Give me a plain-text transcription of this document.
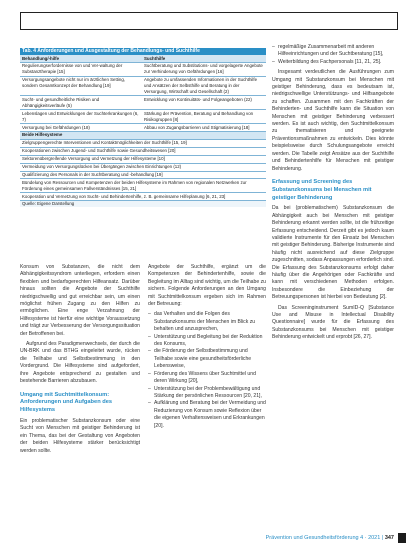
Tab. 4 Anforderungen und Ausgestaltung der Behandlungs- und Suchthilfe
Behandlung/-hilfe	Suchthilfe
Regulierungserfordernisse von und Ver-waltung der Substanztherapie [15]	Suchtberatung und Substitutions- und vorgelagerte Angebote zur Verhinderung von Gefährdungen [16]
Versorgungsangebote nicht nur im ärztlichen Setting, sondern Gesamtkonzept der Behandlung [19]	Angebote zu umfassenden Informationen in der Suchthilfe und Ansätzen der Selbsthilfe und Beratung in der Versorgung, Wirtschaft und Gesellschaft (2)
Sucht- und gesundheitliche Risiken und Abhängigkeitsverläufe (5)	Entwicklung von Kontinuitäts- und Folgeangeboten (22)
Lebenslagen und Entwicklungen der Suchterkrankungen (6, 7)	Stärkung der Prävention, Beratung und Behandlung von Risikogruppen [8]
Versorgung bei Gefährdungen (18)	Abbau von Zugangsbarrieren und Stigmatisierung [18]
Beide Hilfesysteme	
Zielgruppengerechte Interventionen und Kontaktmöglichkeiten der Suchthilfe [15, 19]	
Kooperationen zwischen Jugend- und Suchthilfe sowie Gesundheitswesen [20]	
Sektorenübergreifende Versorgung und Vernetzung der Hilfesysteme [10]	
Vermeidung von Versorgungslücken bei Übergängen zwischen Einrichtungen (12)	
Qualifizierung des Personals in der Suchtberatung und -behandlung [19]	
Bündelung von Ressourcen und Kompetenzen der beiden Hilfesysteme im Rahmen von regionalen Netzwerken zur Förderung eines gemeinsamen Fallverständnisses [15, 21]	
Kooperation und Vernetzung von Sucht- und Behindertenhilfe, z. B. gemeinsame Hilfeplanung [6, 21, 23]	
Quelle: Eigene Darstellung

Konsum von Substanzen, die nicht dem Abhängigkeitssyndrom unterliegen, erfordern einen flexiblen und bedarfsgerechten Hilfeansatz. Darüber hinaus sollten die Angebote der Suchthilfe niedrigschwellig und gut erreichbar sein, um einen möglichst frühen Zugang zu den Hilfen zu ermöglichen. Eine enge Verzahnung der Hilfesysteme ist hierfür eine wichtige Voraussetzung und trägt zur Verbesserung der Versorgungssituation der Betroffenen bei.

Aufgrund des Paradigmenwechsels, der durch die UN-BRK und das BTHG eingeleitet wurde, rücken die Teilhabe und Selbstbestimmung in den Vordergrund. Die Hilfesysteme sind aufgefordert, ihre Angebote entsprechend zu gestalten und bestehende Barrieren abzubauen.

Umgang mit Suchtmittelkonsum: Anforderungen und Aufgaben des Hilfesystems

Ein problematischer Substanzkonsum oder eine Sucht von Menschen mit geistiger Behinderung ist ein Thema, das bei der Gestaltung von Angeboten der beiden Hilfesysteme stärker berücksichtigt werden sollte.

Angebote der Suchthilfe, ergänzt um die Kompetenzen der Behindertenhilfe, sowie die Begleitung im Alltag sind wichtig, um die Teilhabe zu sichern. Folgende Anforderungen an den Umgang mit Suchtmittelkonsum ergeben sich im Rahmen der Betreuung:

– das Verhalten und die Folgen des Substanzkonsums der Menschen im Blick zu behalten und anzusprechen,
– Unterstützung und Begleitung bei der Reduktion des Konsums,
– die Förderung der Selbstbestimmung und Teilhabe sowie eine gesundheitsförderliche Lebensweise,
– Förderung des Wissens über Suchtmittel und deren Wirkung [20],
– Unterstützung bei der Problembewältigung und Stärkung der persönlichen Ressourcen [20, 21],
– Aufklärung und Beratung bei der Vermeidung und Reduzierung von Konsum sowie Reflexion über die eigenen Verhaltensweisen und Erkrankungen [20].
– regelmäßige Zusammenarbeit mit anderen Hilfeeinrichtungen und der Suchtberatung [15],
– Weiterbildung des Fachpersonals [11, 21, 25].

Insgesamt verdeutlichen die Ausführungen zum Umgang mit Substanzkonsum bei Menschen mit geistiger Behinderung, dass es bedeutsam ist, niedrigschwellige Unterstützungs- und Hilfsangebote zu schaffen. Zusammen mit den Fachkräften der Behinderten- und Suchthilfe kann die Situation von Menschen mit geistiger Behinderung verbessert werden. Es ist auch wichtig, den Suchtmittelkonsum zu thematisieren und geeignete Präventionsmaßnahmen zu entwickeln. Dies könnte beispielsweise durch Schulungsangebote erreicht werden. Die Tabelle zeigt Ansätze aus der Suchthilfe und Behindertenhilfe für Menschen mit geistiger Behinderung.

Erfassung und Screening des Substanzkonsums bei Menschen mit geistiger Behinderung

Da bei (problematischem) Substanzkonsum die Abhängigkeit auch bei Menschen mit geistiger Behinderung erkannt werden sollte, ist die frühzeitige Erfassung entscheidend. Derzeit gibt es jedoch kaum validierte Instrumente für den Einsatz bei Menschen mit geistiger Behinderung. Bisherige Instrumente sind häufig nicht ausreichend auf diese Zielgruppe zugeschnitten, sodass Anpassungen erforderlich sind. Die Erfassung des Substanzkonsums erfolgt daher häufig über die Angehörigen oder Fachkräfte und kann mit verschiedenen Methoden erfolgen. Insbesondere die Einbeziehung der Betreuungspersonen ist hierbei von Bedeutung [2].

Das Screeninginstrument SumID-Q [Substance Use and Misuse in Intellectual Disability Questionnaire] wurde für die Erfassung des Substanzkonsums bei Menschen mit geistiger Behinderung entwickelt und erprobt [26, 27].

Prävention und Gesundheitsförderung 4 · 2021 | 347
